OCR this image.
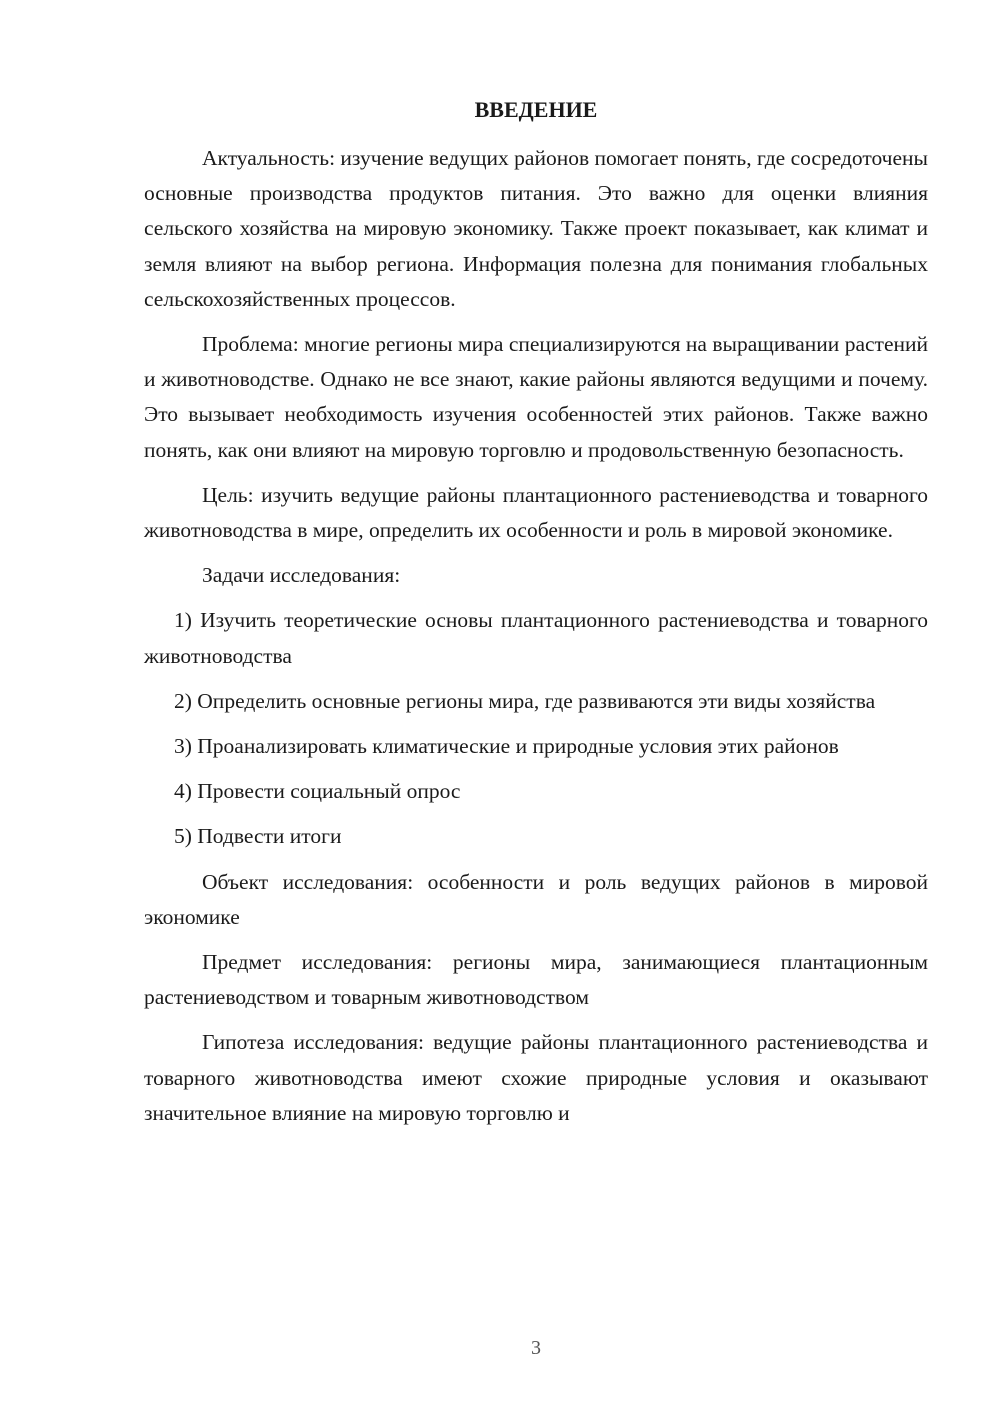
ВВЕДЕНИЕ

Актуальность: изучение ведущих районов помогает понять, где сосредоточены основные производства продуктов питания. Это важно для оценки влияния сельского хозяйства на мировую экономику. Также проект показывает, как климат и земля влияют на выбор региона. Информация полезна для понимания глобальных сельскохозяйственных процессов.

Проблема: многие регионы мира специализируются на выращивании растений и животноводстве. Однако не все знают, какие районы являются ведущими и почему. Это вызывает необходимость изучения особенностей этих районов. Также важно понять, как они влияют на мировую торговлю и продовольственную безопасность.

Цель: изучить ведущие районы плантационного растениеводства и товарного животноводства в мире, определить их особенности и роль в мировой экономике.

Задачи исследования:

1) Изучить теоретические основы плантационного растениеводства и товарного животноводства

2) Определить основные регионы мира, где развиваются эти виды хозяйства

3) Проанализировать климатические и природные условия этих районов

4) Провести социальный опрос

5) Подвести итоги

Объект исследования: особенности и роль ведущих районов в мировой экономике

Предмет исследования: регионы мира, занимающиеся плантационным растениеводством и товарным животноводством

Гипотеза исследования: ведущие районы плантационного растениеводства и товарного животноводства имеют схожие природные условия и оказывают значительное влияние на мировую торговлю и

3
